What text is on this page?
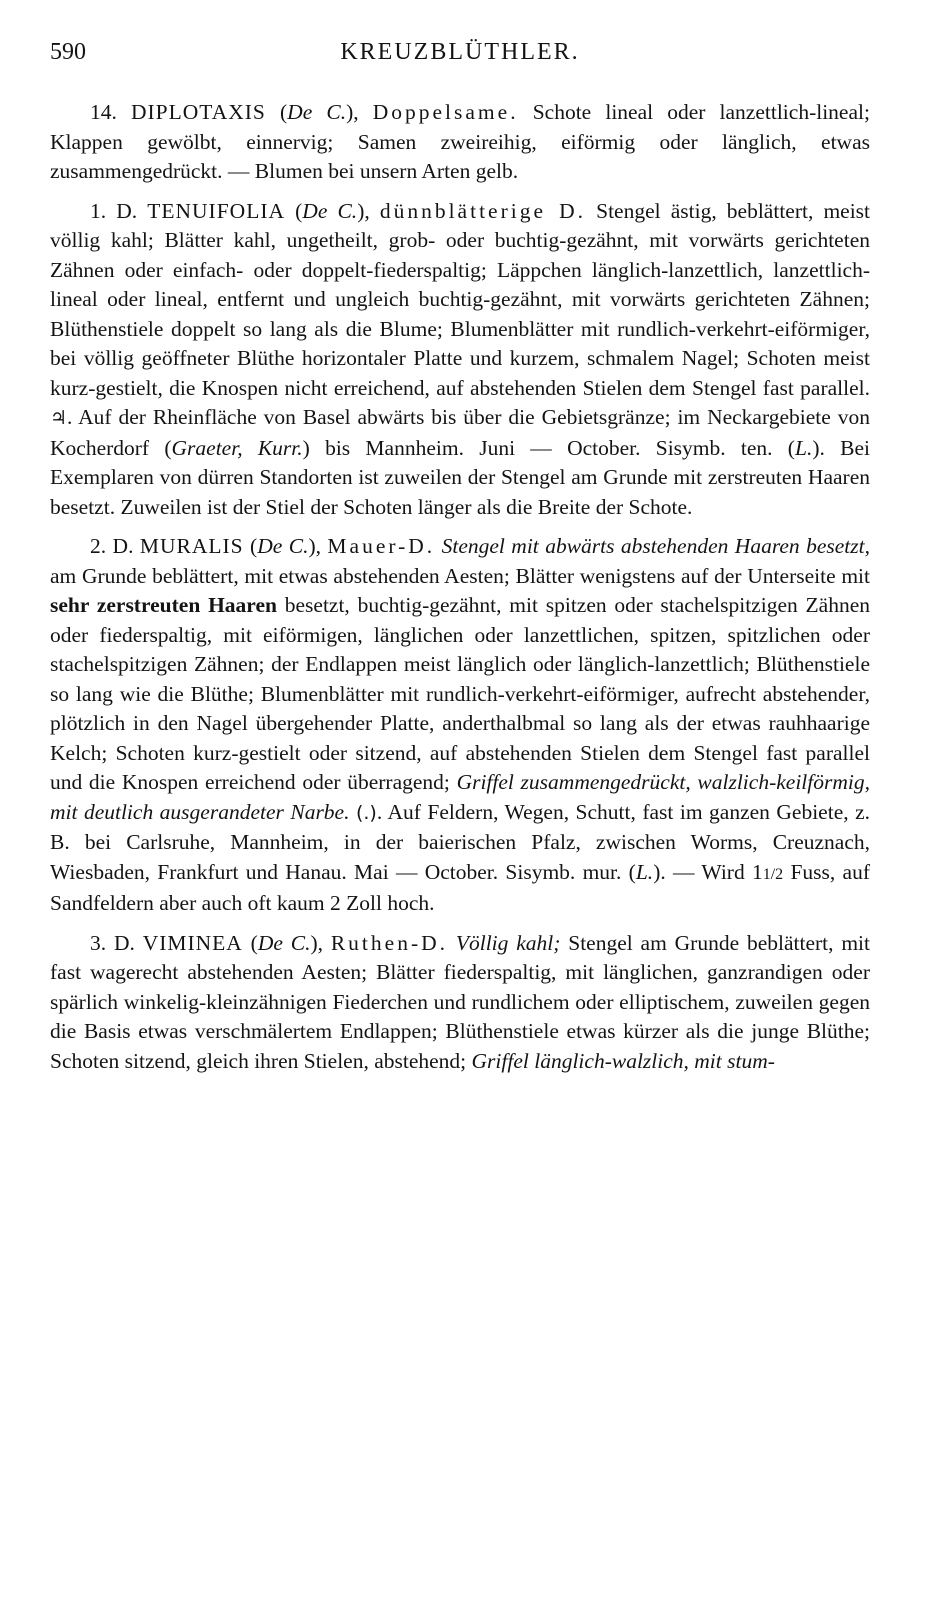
590	KREUZBLÜTHLER.

14. DIPLOTAXIS (De C.), Doppelsame. Schote lineal oder lanzettlich-lineal; Klappen gewölbt, einnervig; Samen zweireihig, eiförmig oder länglich, etwas zusammengedrückt. — Blumen bei unsern Arten gelb.

1. D. TENUIFOLIA (De C.), dünnblätterige D. Stengel ästig, beblättert, meist völlig kahl; Blätter kahl, ungetheilt, grob- oder buchtig-gezähnt, mit vorwärts gerichteten Zähnen oder einfach- oder doppelt-fiederspaltig; Läppchen länglich-lanzettlich, lanzettlich-lineal oder lineal, entfernt und ungleich buchtig-gezähnt, mit vorwärts gerichteten Zähnen; Blüthenstiele doppelt so lang als die Blume; Blumenblätter mit rundlich-verkehrt-eiförmiger, bei völlig geöffneter Blüthe horizontaler Platte und kurzem, schmalem Nagel; Schoten meist kurz-gestielt, die Knospen nicht erreichend, auf abstehenden Stielen dem Stengel fast parallel. ♃. Auf der Rheinfläche von Basel abwärts bis über die Gebietsgränze; im Neckargebiete von Kocherdorf (Graeter, Kurr.) bis Mannheim. Juni — October. Sisymb. ten. (L.). Bei Exemplaren von dürren Standorten ist zuweilen der Stengel am Grunde mit zerstreuten Haaren besetzt. Zuweilen ist der Stiel der Schoten länger als die Breite der Schote.

2. D. MURALIS (De C.), Mauer-D. Stengel mit abwärts abstehenden Haaren besetzt, am Grunde beblättert, mit etwas abstehenden Aesten; Blätter wenigstens auf der Unterseite mit sehr zerstreuten Haaren besetzt, buchtig-gezähnt, mit spitzen oder stachelspitzigen Zähnen oder fiederspaltig, mit eiförmigen, länglichen oder lanzettlichen, spitzen, spitzlichen oder stachelspitzigen Zähnen; der Endlappen meist länglich oder länglich-lanzettlich; Blüthenstiele so lang wie die Blüthe; Blumenblätter mit rundlich-verkehrt-eiförmiger, aufrecht abstehender, plötzlich in den Nagel übergehender Platte, anderthalbmal so lang als der etwas rauhhaarige Kelch; Schoten kurz-gestielt oder sitzend, auf abstehenden Stielen dem Stengel fast parallel und die Knospen erreichend oder überragend; Griffel zusammengedrückt, walzlich-keilförmig, mit deutlich ausgerandeter Narbe. (.). Auf Feldern, Wegen, Schutt, fast im ganzen Gebiete, z. B. bei Carlsruhe, Mannheim, in der baierischen Pfalz, zwischen Worms, Creuznach, Wiesbaden, Frankfurt und Hanau. Mai — October. Sisymb. mur. (L.). — Wird 11/2 Fuss, auf Sandfeldern aber auch oft kaum 2 Zoll hoch.

3. D. VIMINEA (De C.), Ruthen-D. Völlig kahl; Stengel am Grunde beblättert, mit fast wagerecht abstehenden Aesten; Blätter fiederspaltig, mit länglichen, ganzrandigen oder spärlich winkelig-kleinzähnigen Fiederchen und rundlichem oder elliptischem, zuweilen gegen die Basis etwas verschmälertem Endlappen; Blüthenstiele etwas kürzer als die junge Blüthe; Schoten sitzend, gleich ihren Stielen, abstehend; Griffel länglich-walzlich, mit stum-
